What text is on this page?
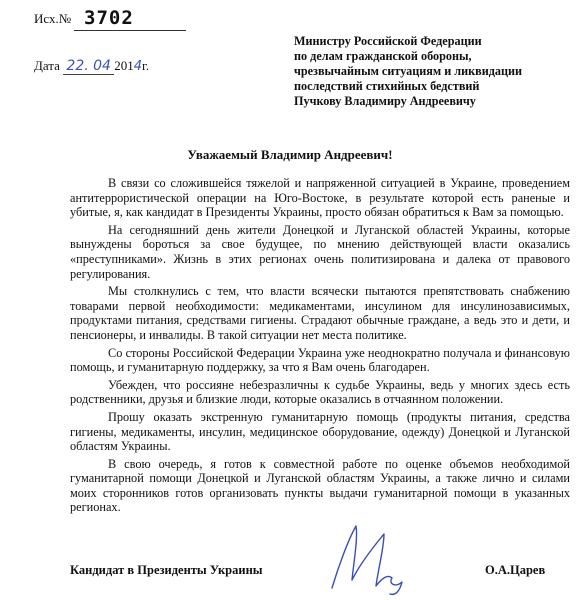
Исх.№ 3702
Дата 22. 04 2014г.
Министру Российской Федерации
по делам гражданской обороны,
чрезвычайным ситуациям и ликвидации
последствий стихийных бедствий
Пучкову Владимиру Андреевичу
Уважаемый Владимир Андреевич!

В связи со сложившейся тяжелой и напряженной ситуацией в Украине, проведением антитеррористической операции на Юго-Востоке, в результате которой есть раненые и убитые, я, как кандидат в Президенты Украины, просто обязан обратиться к Вам за помощью.

На сегодняшний день жители Донецкой и Луганской областей Украины, которые вынуждены бороться за свое будущее, по мнению действующей власти оказались «преступниками». Жизнь в этих регионах очень политизирована и далека от правового регулирования.

Мы столкнулись с тем, что власти всячески пытаются препятствовать снабжению товарами первой необходимости: медикаментами, инсулином для инсулинозависимых, продуктами питания, средствами гигиены. Страдают обычные граждане, а ведь это и дети, и пенсионеры, и инвалиды. В такой ситуации нет места политике.

Со стороны Российской Федерации Украина уже неоднократно получала и финансовую помощь, и гуманитарную поддержку, за что я Вам очень благодарен.

Убежден, что россияне небезразличны к судьбе Украины, ведь у многих здесь есть родственники, друзья и близкие люди, которые оказались в отчаянном положении.

Прошу оказать экстренную гуманитарную помощь (продукты питания, средства гигиены, медикаменты, инсулин, медицинское оборудование, одежду) Донецкой и Луганской областям Украины.

В свою очередь, я готов к совместной работе по оценке объемов необходимой гуманитарной помощи Донецкой и Луганской областям Украины, а также лично и силами моих сторонников готов организовать пункты выдачи гуманитарной помощи в указанных регионах.

Кандидат в Президенты Украины	О.А.Царев
